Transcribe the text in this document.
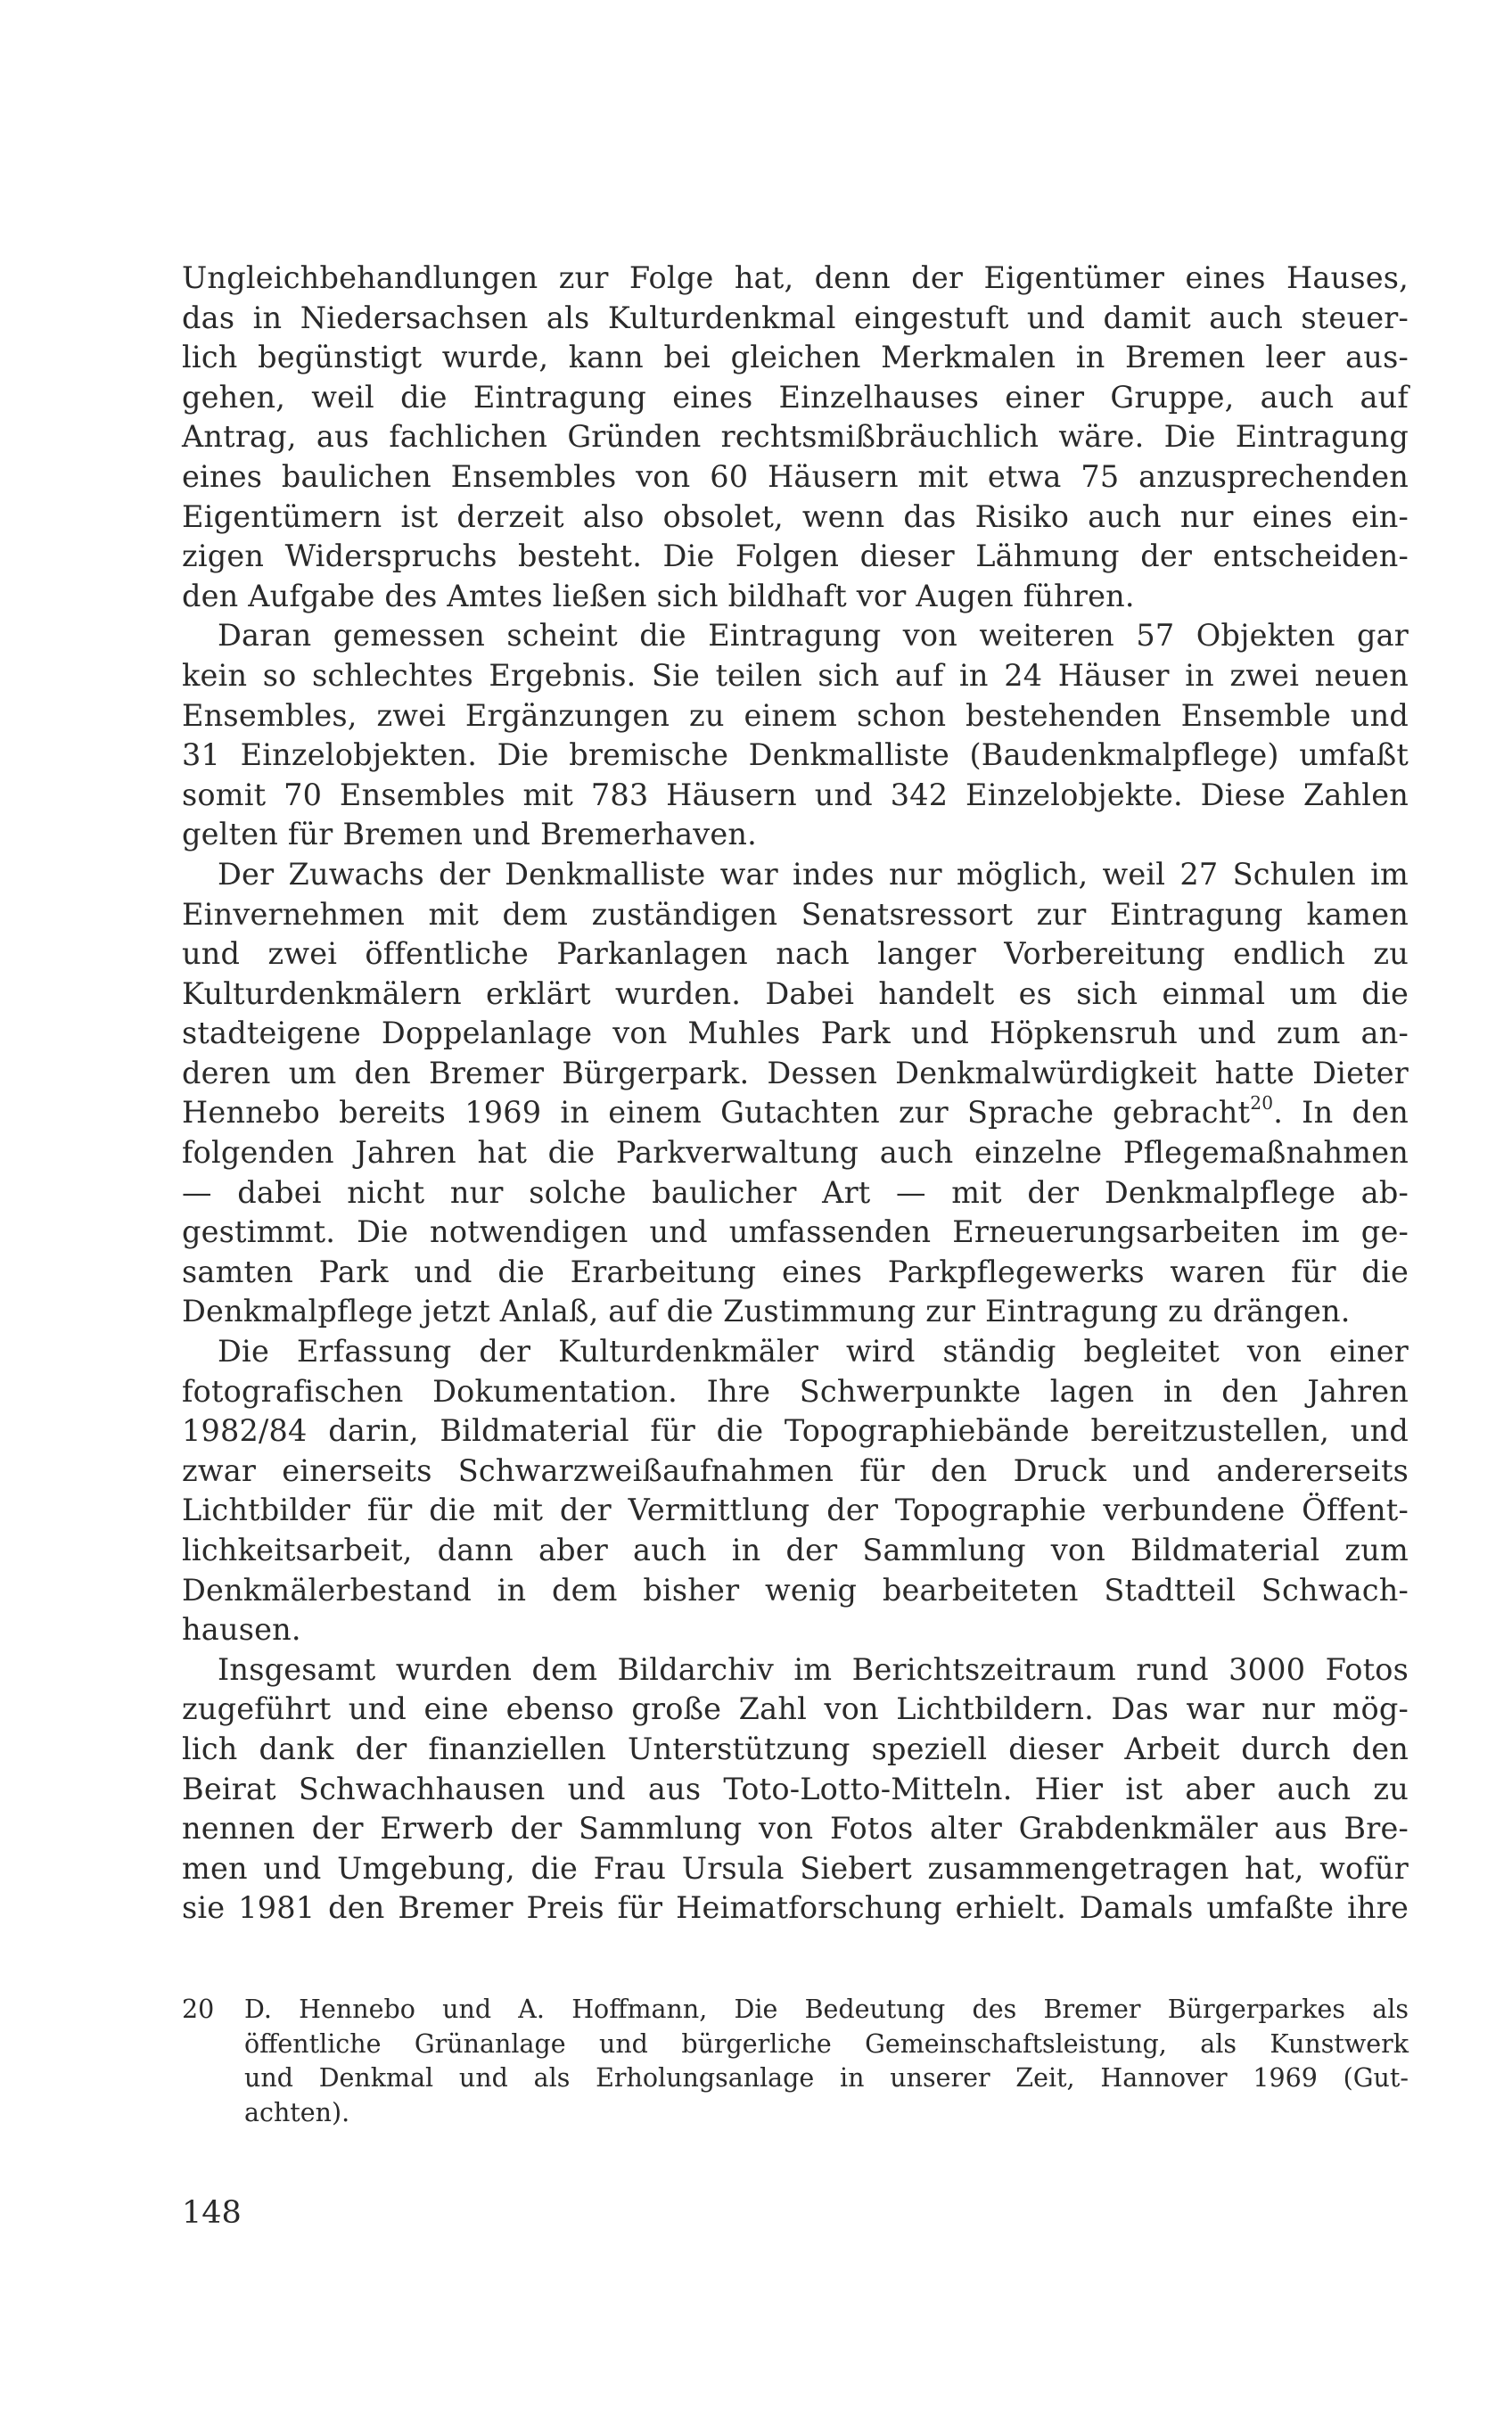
Ungleichbehandlungen zur Folge hat, denn der Eigentümer eines Hauses,
das in Niedersachsen als Kulturdenkmal eingestuft und damit auch steuer-
lich begünstigt wurde, kann bei gleichen Merkmalen in Bremen leer aus-
gehen, weil die Eintragung eines Einzelhauses einer Gruppe, auch auf
Antrag, aus fachlichen Gründen rechtsmißbräuchlich wäre. Die Eintragung
eines baulichen Ensembles von 60 Häusern mit etwa 75 anzusprechenden
Eigentümern ist derzeit also obsolet, wenn das Risiko auch nur eines ein-
zigen Widerspruchs besteht. Die Folgen dieser Lähmung der entscheiden-
den Aufgabe des Amtes ließen sich bildhaft vor Augen führen.
Daran gemessen scheint die Eintragung von weiteren 57 Objekten gar
kein so schlechtes Ergebnis. Sie teilen sich auf in 24 Häuser in zwei neuen
Ensembles, zwei Ergänzungen zu einem schon bestehenden Ensemble und
31 Einzelobjekten. Die bremische Denkmalliste (Baudenkmalpflege) umfaßt
somit 70 Ensembles mit 783 Häusern und 342 Einzelobjekte. Diese Zahlen
gelten für Bremen und Bremerhaven.
Der Zuwachs der Denkmalliste war indes nur möglich, weil 27 Schulen im
Einvernehmen mit dem zuständigen Senatsressort zur Eintragung kamen
und zwei öffentliche Parkanlagen nach langer Vorbereitung endlich zu
Kulturdenkmälern erklärt wurden. Dabei handelt es sich einmal um die
stadteigene Doppelanlage von Muhles Park und Höpkensruh und zum an-
deren um den Bremer Bürgerpark. Dessen Denkmalwürdigkeit hatte Dieter
Hennebo bereits 1969 in einem Gutachten zur Sprache gebracht$^{20}$. In den
folgenden Jahren hat die Parkverwaltung auch einzelne Pflegemaßnahmen
— dabei nicht nur solche baulicher Art — mit der Denkmalpflege ab-
gestimmt. Die notwendigen und umfassenden Erneuerungsarbeiten im ge-
samten Park und die Erarbeitung eines Parkpflegewerks waren für die
Denkmalpflege jetzt Anlaß, auf die Zustimmung zur Eintragung zu drängen.
Die Erfassung der Kulturdenkmäler wird ständig begleitet von einer
fotografischen Dokumentation. Ihre Schwerpunkte lagen in den Jahren
1982/84 darin, Bildmaterial für die Topographiebände bereitzustellen, und
zwar einerseits Schwarzweißaufnahmen für den Druck und andererseits
Lichtbilder für die mit der Vermittlung der Topographie verbundene Öffent-
lichkeitsarbeit, dann aber auch in der Sammlung von Bildmaterial zum
Denkmälerbestand in dem bisher wenig bearbeiteten Stadtteil Schwach-
hausen.
Insgesamt wurden dem Bildarchiv im Berichtszeitraum rund 3000 Fotos
zugeführt und eine ebenso große Zahl von Lichtbildern. Das war nur mög-
lich dank der finanziellen Unterstützung speziell dieser Arbeit durch den
Beirat Schwachhausen und aus Toto-Lotto-Mitteln. Hier ist aber auch zu
nennen der Erwerb der Sammlung von Fotos alter Grabdenkmäler aus Bre-
men und Umgebung, die Frau Ursula Siebert zusammengetragen hat, wofür
sie 1981 den Bremer Preis für Heimatforschung erhielt. Damals umfaßte ihre
20	D. Hennebo und A. Hoffmann, Die Bedeutung des Bremer Bürgerparkes als
öffentliche Grünanlage und bürgerliche Gemeinschaftsleistung, als Kunstwerk
und Denkmal und als Erholungsanlage in unserer Zeit, Hannover 1969 (Gut-
achten).
148
